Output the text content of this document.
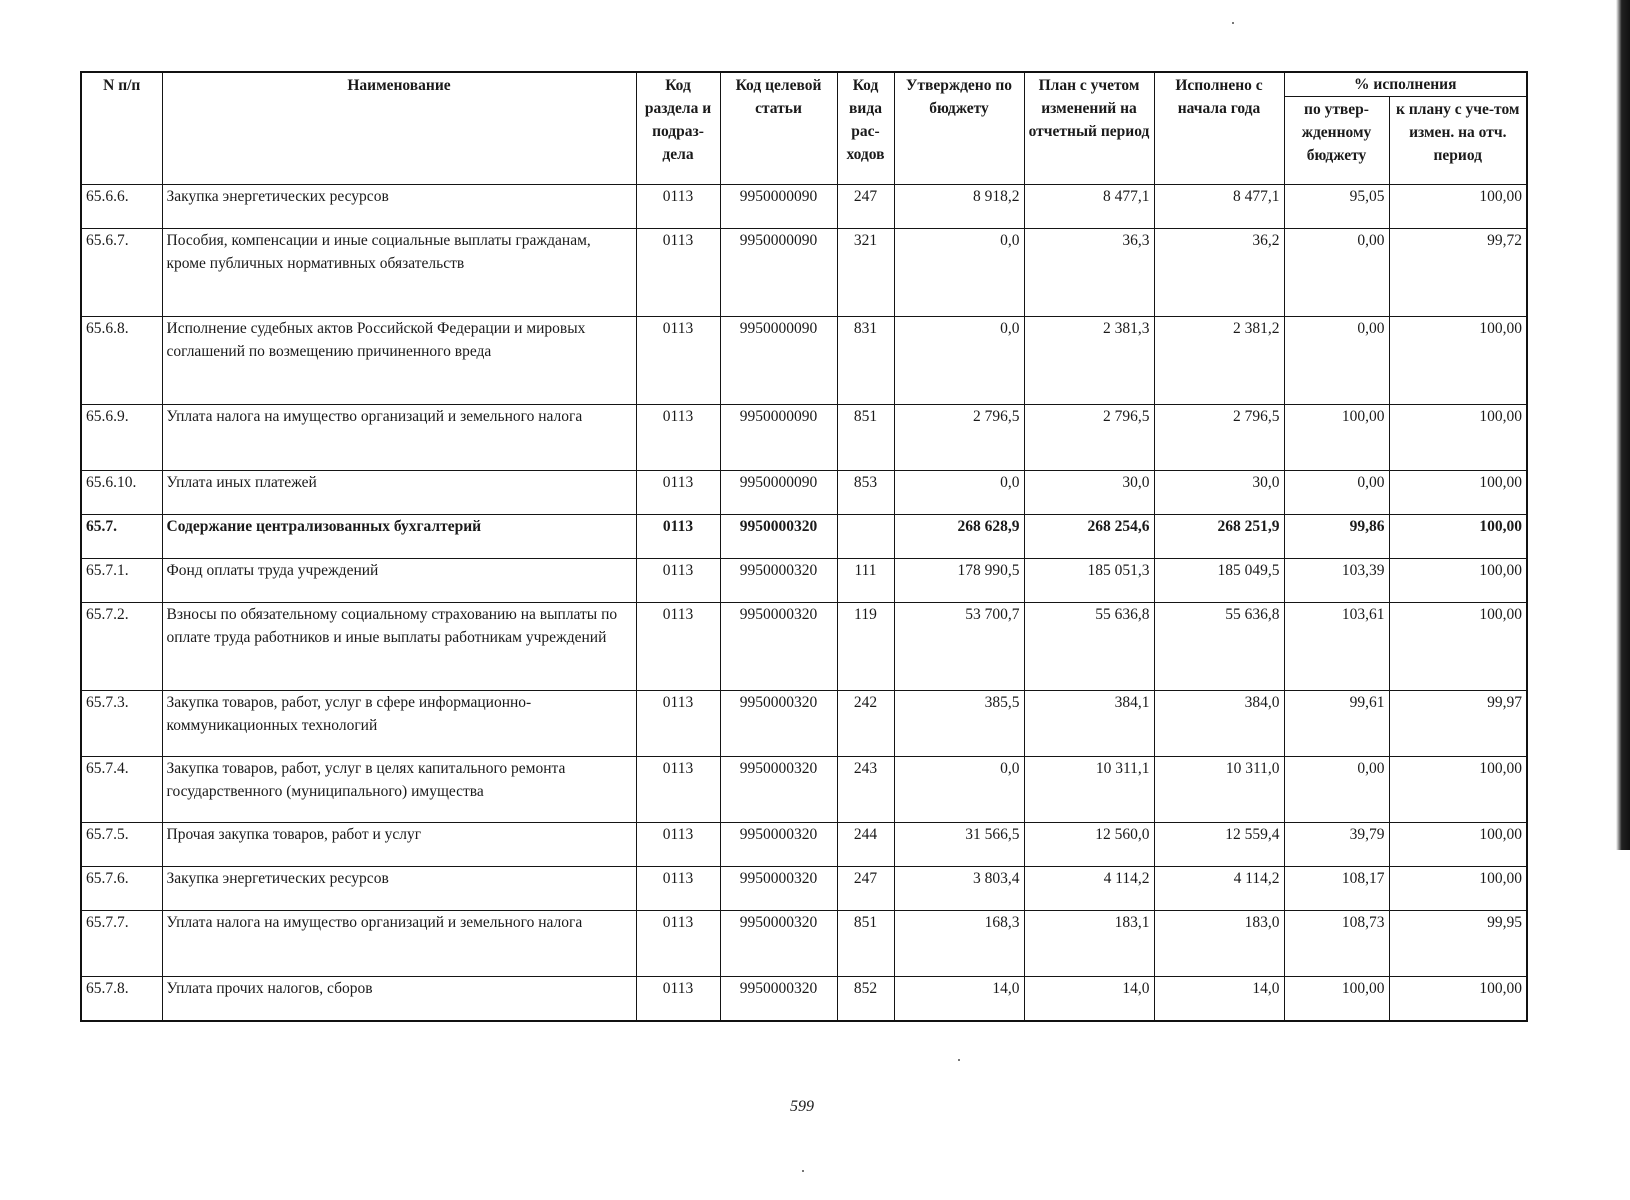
N п/п	Наименование	Код раздела и подраз-дела	Код целевой статьи	Код вида рас-ходов	Утверждено по бюджету	План с учетом изменений на отчетный период	Исполнено с начала года	% исполнения	
								по утвер-жденному бюджету	к плану с уче-том измен. на отч. период
65.6.6.	Закупка энергетических ресурсов	0113	9950000090	247	8 918,2	8 477,1	8 477,1	95,05	100,00
65.6.7.	Пособия, компенсации и иные социальные выплаты гражданам, кроме публичных нормативных обязательств	0113	9950000090	321	0,0	36,3	36,2	0,00	99,72
65.6.8.	Исполнение судебных актов Российской Федерации и мировых соглашений по возмещению причиненного вреда	0113	9950000090	831	0,0	2 381,3	2 381,2	0,00	100,00
65.6.9.	Уплата налога на имущество организаций и земельного налога	0113	9950000090	851	2 796,5	2 796,5	2 796,5	100,00	100,00
65.6.10.	Уплата иных платежей	0113	9950000090	853	0,0	30,0	30,0	0,00	100,00
65.7.	Содержание централизованных бухгалтерий	0113	9950000320		268 628,9	268 254,6	268 251,9	99,86	100,00
65.7.1.	Фонд оплаты труда учреждений	0113	9950000320	111	178 990,5	185 051,3	185 049,5	103,39	100,00
65.7.2.	Взносы по обязательному социальному страхованию на выплаты по оплате труда работников и иные выплаты работникам учреждений	0113	9950000320	119	53 700,7	55 636,8	55 636,8	103,61	100,00
65.7.3.	Закупка товаров, работ, услуг в сфере информационно-коммуникационных технологий	0113	9950000320	242	385,5	384,1	384,0	99,61	99,97
65.7.4.	Закупка товаров, работ, услуг в целях капитального ремонта государственного (муниципального) имущества	0113	9950000320	243	0,0	10 311,1	10 311,0	0,00	100,00
65.7.5.	Прочая закупка товаров, работ и услуг	0113	9950000320	244	31 566,5	12 560,0	12 559,4	39,79	100,00
65.7.6.	Закупка энергетических ресурсов	0113	9950000320	247	3 803,4	4 114,2	4 114,2	108,17	100,00
65.7.7.	Уплата налога на имущество организаций и земельного налога	0113	9950000320	851	168,3	183,1	183,0	108,73	99,95
65.7.8.	Уплата прочих налогов, сборов	0113	9950000320	852	14,0	14,0	14,0	100,00	100,00
599
